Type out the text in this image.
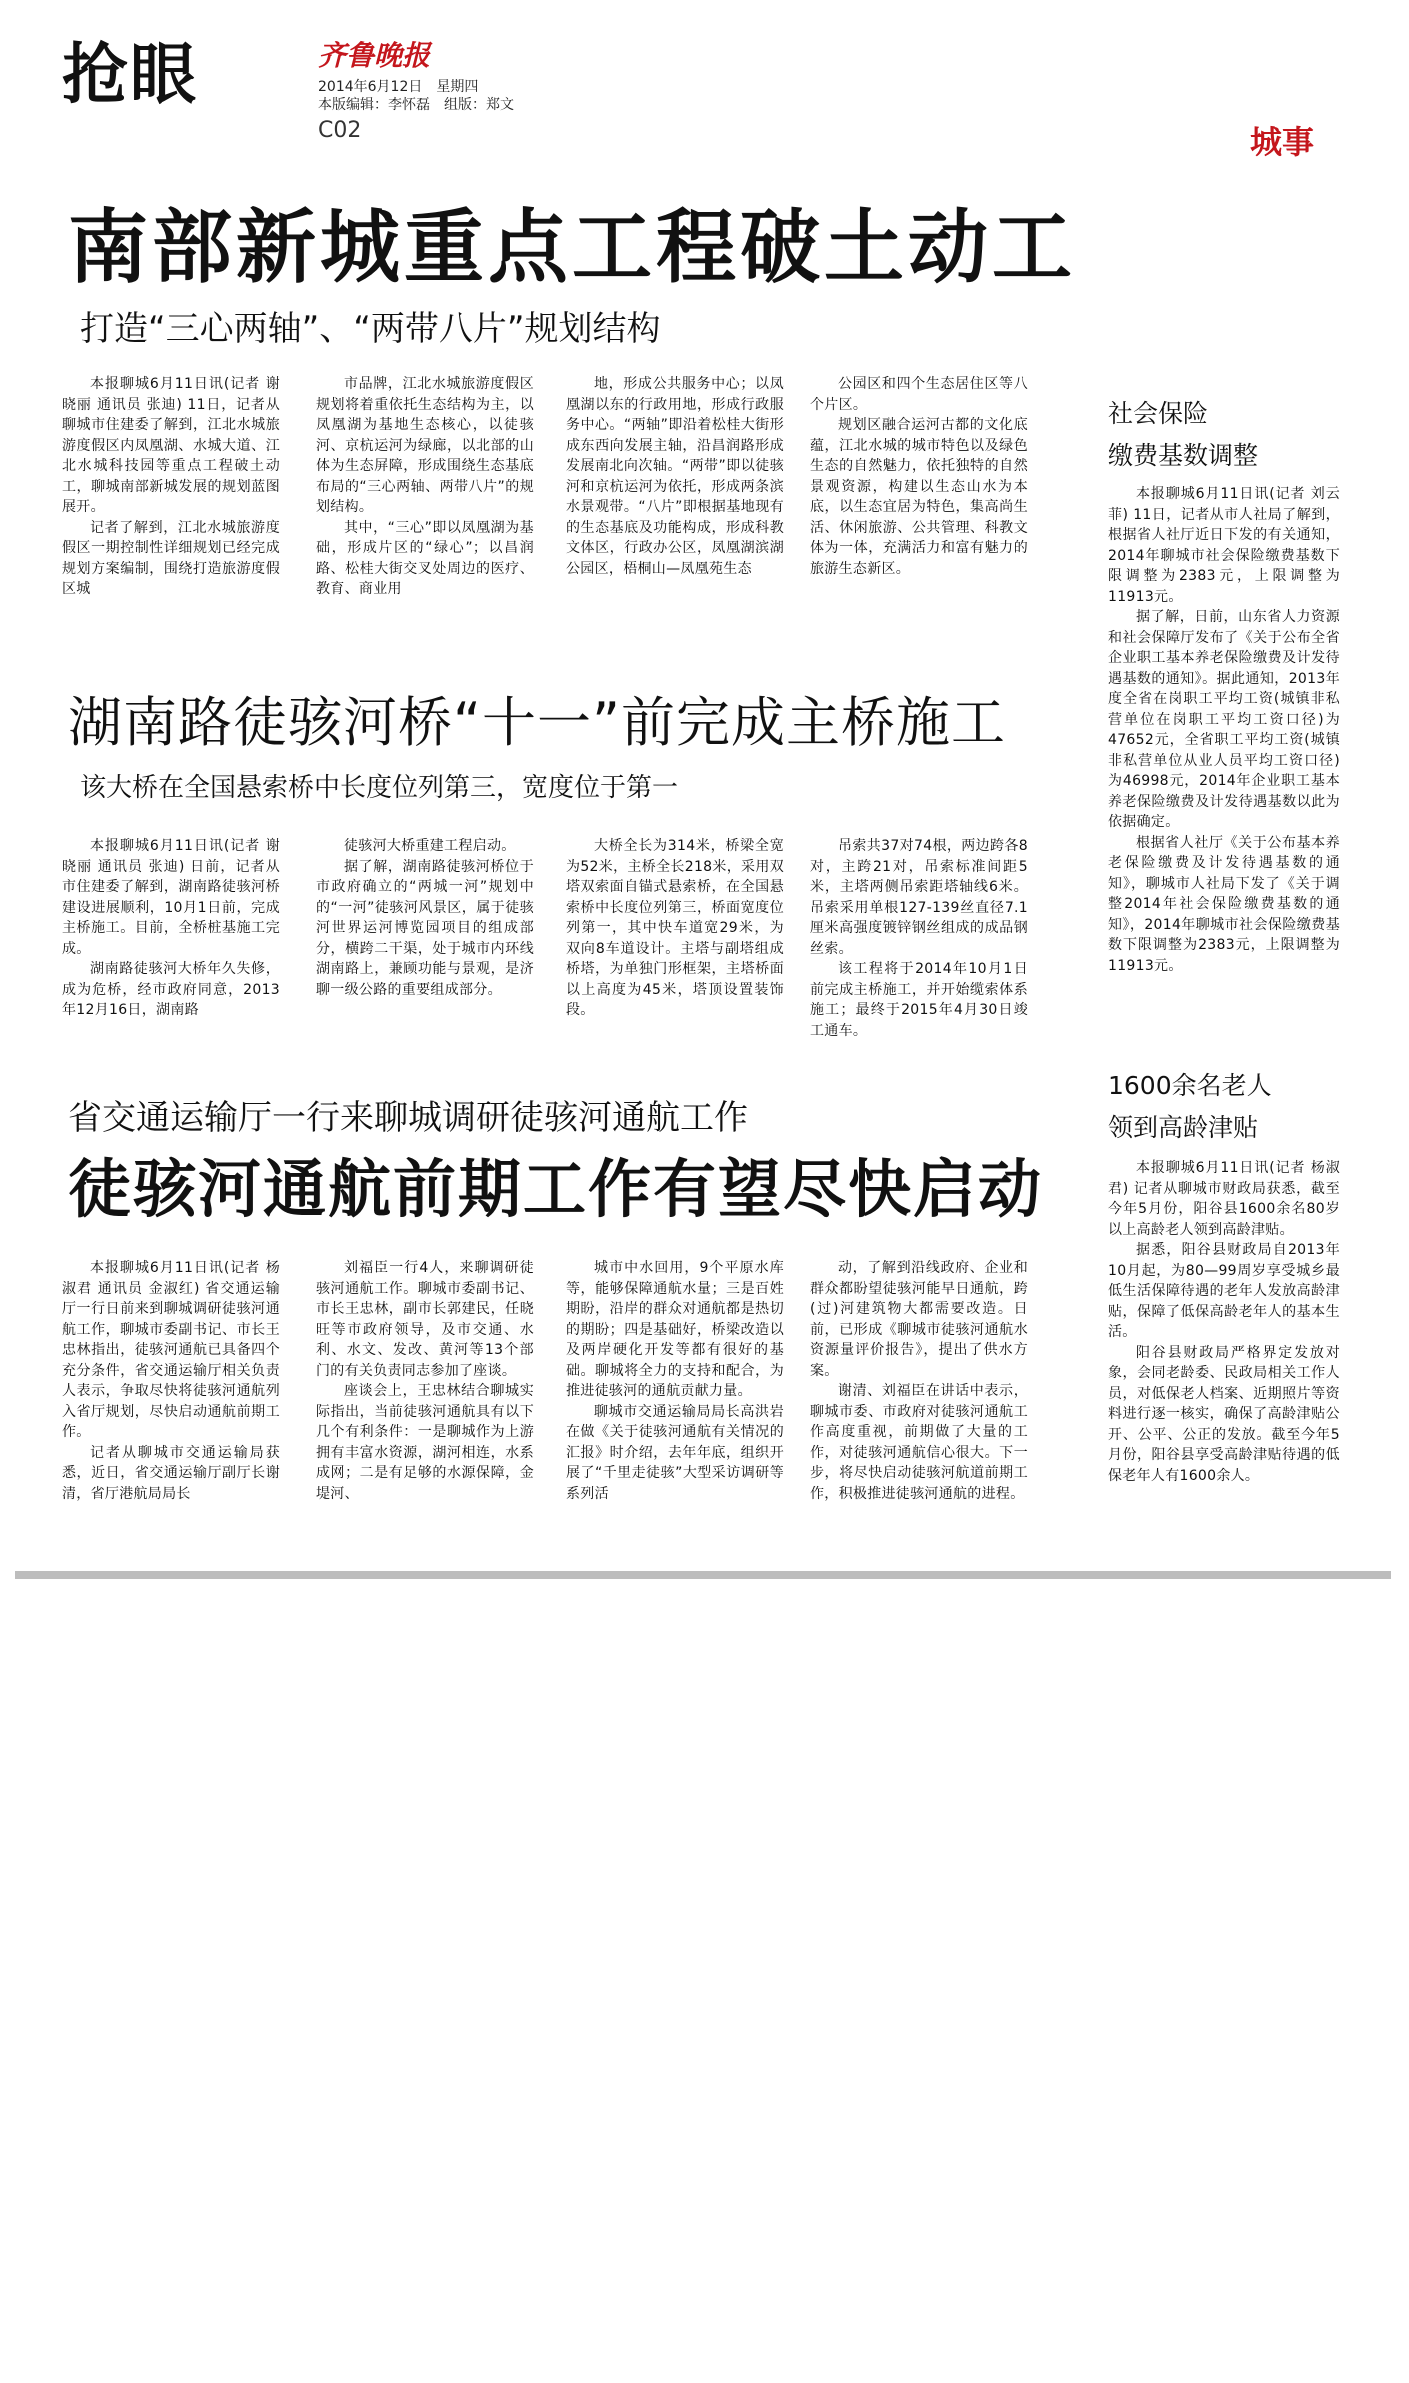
抢眼	齐鲁晚报
2014年6月12日　星期四
本版编辑：李怀磊　组版：郑文
C02	城事
南部新城重点工程破土动工
打造“三心两轴”、“两带八片”规划结构

本报聊城6月11日讯(记者 谢晓丽 通讯员 张迪) 11日，记者从聊城市住建委了解到，江北水城旅游度假区内凤凰湖、水城大道、江北水城科技园等重点工程破土动工，聊城南部新城发展的规划蓝图展开。

记者了解到，江北水城旅游度假区一期控制性详细规划已经完成规划方案编制，围绕打造旅游度假区城

市品牌，江北水城旅游度假区规划将着重依托生态结构为主，以凤凰湖为基地生态核心，以徒骇河、京杭运河为绿廊，以北部的山体为生态屏障，形成围绕生态基底布局的“三心两轴、两带八片”的规划结构。

其中，“三心”即以凤凰湖为基础，形成片区的“绿心”；以昌润路、松桂大街交叉处周边的医疗、教育、商业用

地，形成公共服务中心；以凤凰湖以东的行政用地，形成行政服务中心。“两轴”即沿着松桂大街形成东西向发展主轴，沿昌润路形成发展南北向次轴。“两带”即以徒骇河和京杭运河为依托，形成两条滨水景观带。“八片”即根据基地现有的生态基底及功能构成，形成科教文体区，行政办公区，凤凰湖滨湖公园区，梧桐山—凤凰苑生态

公园区和四个生态居住区等八个片区。

规划区融合运河古都的文化底蕴，江北水城的城市特色以及绿色生态的自然魅力，依托独特的自然景观资源，构建以生态山水为本底，以生态宜居为特色，集高尚生活、休闲旅游、公共管理、科教文体为一体，充满活力和富有魅力的旅游生态新区。

湖南路徒骇河桥“十一”前完成主桥施工
该大桥在全国悬索桥中长度位列第三，宽度位于第一

本报聊城6月11日讯(记者 谢晓丽 通讯员 张迪) 日前，记者从市住建委了解到，湖南路徒骇河桥建设进展顺利，10月1日前，完成主桥施工。目前，全桥桩基施工完成。

湖南路徒骇河大桥年久失修，成为危桥，经市政府同意，2013年12月16日，湖南路

徒骇河大桥重建工程启动。

据了解，湖南路徒骇河桥位于市政府确立的“两城一河”规划中的“一河”徒骇河风景区，属于徒骇河世界运河博览园项目的组成部分，横跨二干渠，处于城市内环线湖南路上，兼顾功能与景观，是济聊一级公路的重要组成部分。

大桥全长为314米，桥梁全宽为52米，主桥全长218米，采用双塔双索面自锚式悬索桥，在全国悬索桥中长度位列第三，桥面宽度位列第一，其中快车道宽29米，为双向8车道设计。主塔与副塔组成桥塔，为单独门形框架，主塔桥面以上高度为45米，塔顶设置装饰段。

吊索共37对74根，两边跨各8对，主跨21对，吊索标准间距5米，主塔两侧吊索距塔轴线6米。吊索采用单根127-139丝直径7.1厘米高强度镀锌钢丝组成的成品钢丝索。

该工程将于2014年10月1日前完成主桥施工，并开始缆索体系施工；最终于2015年4月30日竣工通车。

省交通运输厅一行来聊城调研徒骇河通航工作
徒骇河通航前期工作有望尽快启动

本报聊城6月11日讯(记者 杨淑君 通讯员 金淑红) 省交通运输厅一行日前来到聊城调研徒骇河通航工作，聊城市委副书记、市长王忠林指出，徒骇河通航已具备四个充分条件，省交通运输厅相关负责人表示，争取尽快将徒骇河通航列入省厅规划，尽快启动通航前期工作。

记者从聊城市交通运输局获悉，近日，省交通运输厅副厅长谢清，省厅港航局局长

刘福臣一行4人，来聊调研徒骇河通航工作。聊城市委副书记、市长王忠林，副市长郭建民，任晓旺等市政府领导，及市交通、水利、水文、发改、黄河等13个部门的有关负责同志参加了座谈。

座谈会上，王忠林结合聊城实际指出，当前徒骇河通航具有以下几个有利条件：一是聊城作为上游拥有丰富水资源，湖河相连，水系成网；二是有足够的水源保障，金堤河、

城市中水回用，9个平原水库等，能够保障通航水量；三是百姓期盼，沿岸的群众对通航都是热切的期盼；四是基础好，桥梁改造以及两岸硬化开发等都有很好的基础。聊城将全力的支持和配合，为推进徒骇河的通航贡献力量。

聊城市交通运输局局长高洪岩在做《关于徒骇河通航有关情况的汇报》时介绍，去年年底，组织开展了“千里走徒骇”大型采访调研等系列活

动，了解到沿线政府、企业和群众都盼望徒骇河能早日通航，跨(过)河建筑物大都需要改造。日前，已形成《聊城市徒骇河通航水资源量评价报告》，提出了供水方案。

谢清、刘福臣在讲话中表示，聊城市委、市政府对徒骇河通航工作高度重视，前期做了大量的工作，对徒骇河通航信心很大。下一步，将尽快启动徒骇河航道前期工作，积极推进徒骇河通航的进程。

社会保险
缴费基数调整

本报聊城6月11日讯(记者 刘云菲) 11日，记者从市人社局了解到，根据省人社厅近日下发的有关通知，2014年聊城市社会保险缴费基数下限调整为2383元，上限调整为11913元。

据了解，日前，山东省人力资源和社会保障厅发布了《关于公布全省企业职工基本养老保险缴费及计发待遇基数的通知》。据此通知，2013年度全省在岗职工平均工资(城镇非私营单位在岗职工平均工资口径)为47652元，全省职工平均工资(城镇非私营单位从业人员平均工资口径)为46998元，2014年企业职工基本养老保险缴费及计发待遇基数以此为依据确定。

根据省人社厅《关于公布基本养老保险缴费及计发待遇基数的通知》，聊城市人社局下发了《关于调整2014年社会保险缴费基数的通知》，2014年聊城市社会保险缴费基数下限调整为2383元，上限调整为11913元。

1600余名老人
领到高龄津贴

本报聊城6月11日讯(记者 杨淑君) 记者从聊城市财政局获悉，截至今年5月份，阳谷县1600余名80岁以上高龄老人领到高龄津贴。

据悉，阳谷县财政局自2013年10月起，为80—99周岁享受城乡最低生活保障待遇的老年人发放高龄津贴，保障了低保高龄老年人的基本生活。

阳谷县财政局严格界定发放对象，会同老龄委、民政局相关工作人员，对低保老人档案、近期照片等资料进行逐一核实，确保了高龄津贴公开、公平、公正的发放。截至今年5月份，阳谷县享受高龄津贴待遇的低保老年人有1600余人。
